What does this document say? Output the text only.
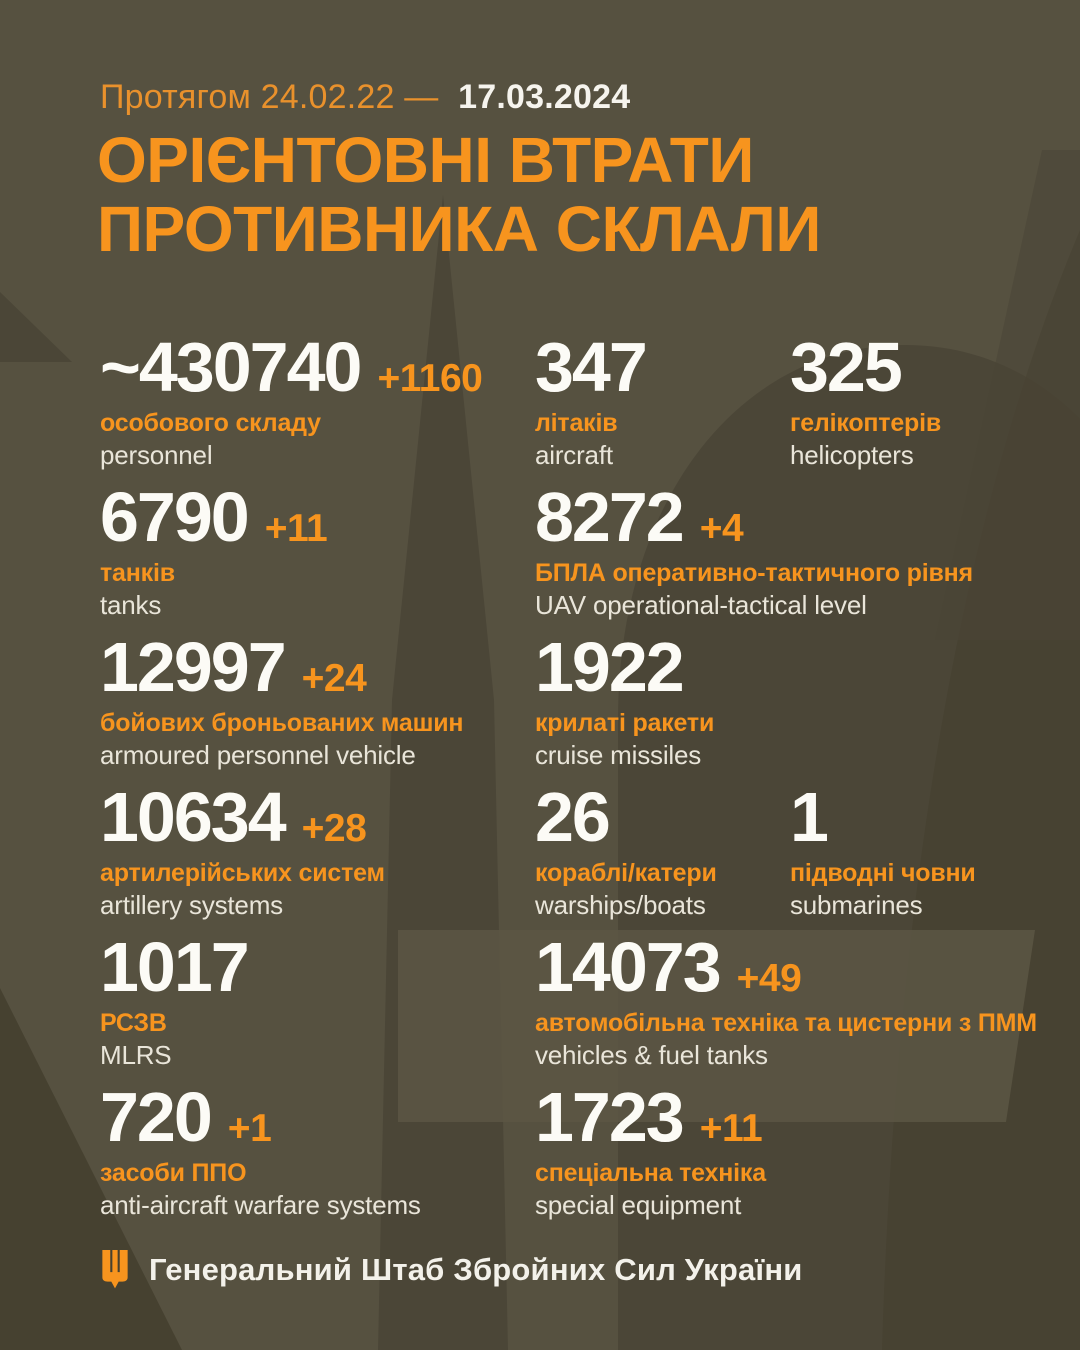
Протягом 24.02.22 — 17.03.2024
ОРІЄНТОВНІ ВТРАТИ
ПРОТИВНИКА СКЛАЛИ
~430740 +1160
особового складу
personnel
347
літаків
aircraft
325
гелікоптерів
helicopters
6790 +11
танків
tanks
8272 +4
БПЛА оперативно-тактичного рівня
UAV operational-tactical level
12997 +24
бойових броньованих машин
armoured personnel vehicle
1922
крилаті ракети
cruise missiles
10634 +28
артилерійських систем
artillery systems
26
кораблі/катери
warships/boats
1
підводні човни
submarines
1017
РСЗВ
MLRS
14073 +49
автомобільна техніка та цистерни з ПММ
vehicles & fuel tanks
720 +1
засоби ППО
anti-aircraft warfare systems
1723 +11
спеціальна техніка
special equipment
Генеральний Штаб Збройних Сил України
